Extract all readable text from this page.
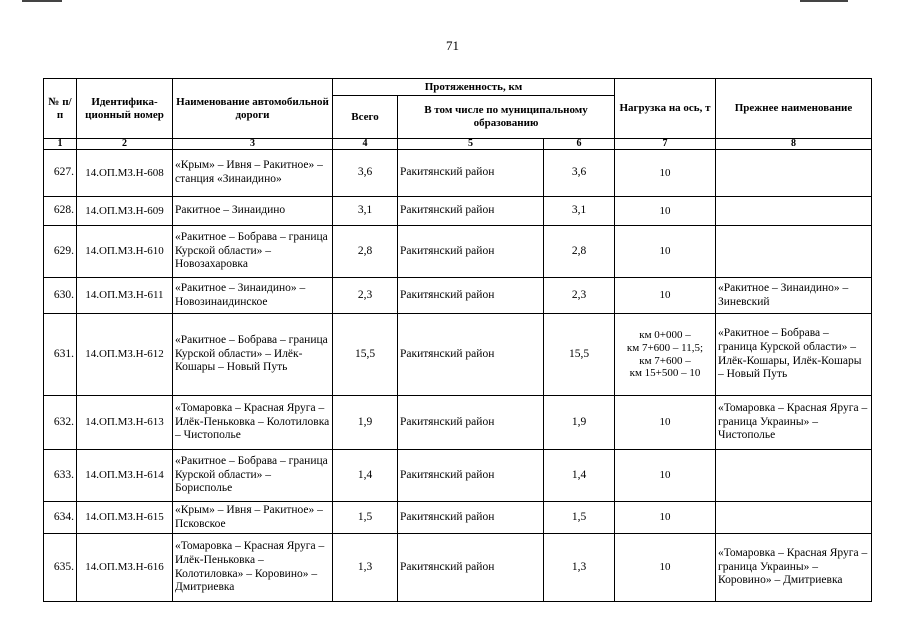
71
№ п/п	Идентифика-ционный номер	Наименование автомобильной дороги	Протяженность, км			Нагрузка на ось, т	Прежнее наименование
			Всего	В том числе по муниципальному образованию			
1	2	3	4	5	6	7	8
627.	14.ОП.МЗ.Н-608	«Крым» – Ивня – Ракитное» – станция «Зинаидино»	3,6	Ракитянский район	3,6	10	
628.	14.ОП.МЗ.Н-609	Ракитное – Зинаидино	3,1	Ракитянский район	3,1	10	
629.	14.ОП.МЗ.Н-610	«Ракитное – Бобрава – граница Курской области» – Новозахаровка	2,8	Ракитянский район	2,8	10	
630.	14.ОП.МЗ.Н-611	«Ракитное – Зинаидино» – Новозинаидинское	2,3	Ракитянский район	2,3	10	«Ракитное – Зинаидино» – Зиневский
631.	14.ОП.МЗ.Н-612	«Ракитное – Бобрава – граница Курской области» – Илёк-Кошары – Новый Путь	15,5	Ракитянский район	15,5	км 0+000 –
км 7+600 – 11,5;
км 7+600 –
км 15+500 – 10	«Ракитное – Бобрава – граница Курской области» – Илёк-Кошары, Илёк-Кошары – Новый Путь
632.	14.ОП.МЗ.Н-613	«Томаровка – Красная Яруга – Илёк-Пеньковка – Колотиловка – Чистополье	1,9	Ракитянский район	1,9	10	«Томаровка – Красная Яруга – граница Украины» – Чистополье
633.	14.ОП.МЗ.Н-614	«Ракитное – Бобрава – граница Курской области» – Борисполье	1,4	Ракитянский район	1,4	10	
634.	14.ОП.МЗ.Н-615	«Крым» – Ивня – Ракитное» – Псковское	1,5	Ракитянский район	1,5	10	
635.	14.ОП.МЗ.Н-616	«Томаровка – Красная Яруга – Илёк-Пеньковка – Колотиловка» – Коровино» – Дмитриевка	1,3	Ракитянский район	1,3	10	«Томаровка – Красная Яруга – граница Украины» – Коровино» – Дмитриевка
